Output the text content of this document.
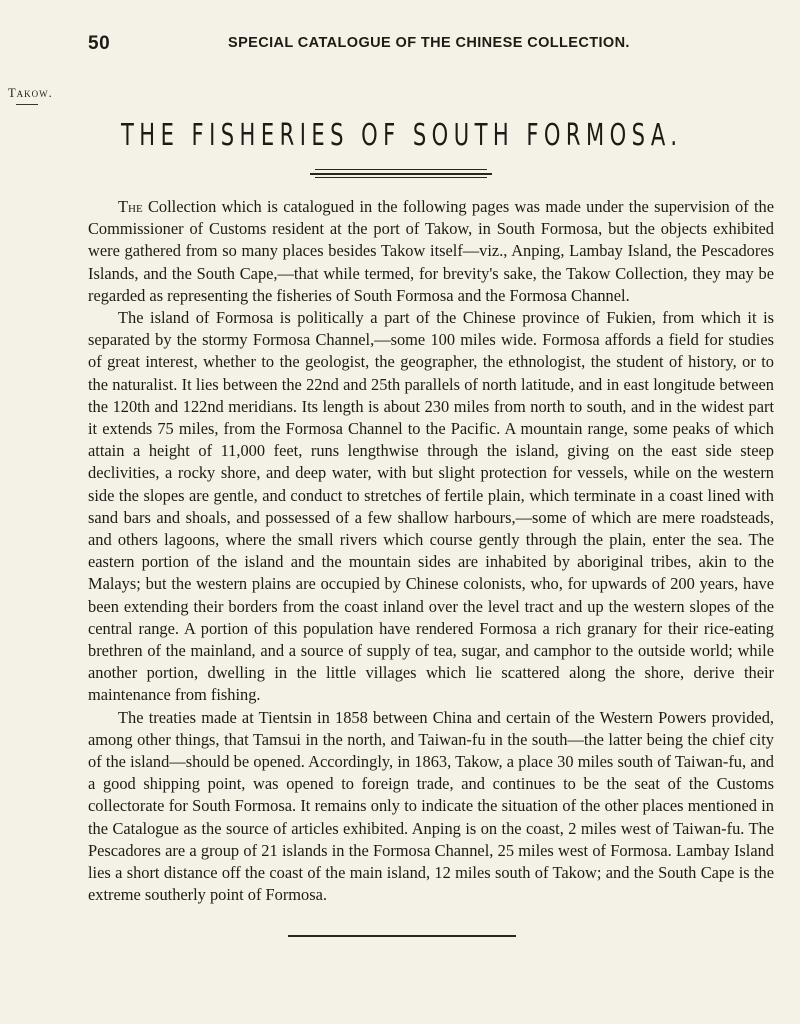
50	SPECIAL CATALOGUE OF THE CHINESE COLLECTION.
Takow.
THE FISHERIES OF SOUTH FORMOSA.

The Collection which is catalogued in the following pages was made under the supervision of the Commissioner of Customs resident at the port of Takow, in South Formosa, but the objects exhibited were gathered from so many places besides Takow itself—viz., Anping, Lambay Island, the Pescadores Islands, and the South Cape,—that while termed, for brevity's sake, the Takow Collection, they may be regarded as representing the fisheries of South Formosa and the Formosa Channel.

The island of Formosa is politically a part of the Chinese province of Fukien, from which it is separated by the stormy Formosa Channel,—some 100 miles wide. Formosa affords a field for studies of great interest, whether to the geologist, the geographer, the ethnologist, the student of history, or to the naturalist. It lies between the 22nd and 25th parallels of north latitude, and in east longitude between the 120th and 122nd meridians. Its length is about 230 miles from north to south, and in the widest part it extends 75 miles, from the Formosa Channel to the Pacific. A mountain range, some peaks of which attain a height of 11,000 feet, runs lengthwise through the island, giving on the east side steep declivities, a rocky shore, and deep water, with but slight protection for vessels, while on the western side the slopes are gentle, and conduct to stretches of fertile plain, which terminate in a coast lined with sand bars and shoals, and possessed of a few shallow harbours,—some of which are mere roadsteads, and others lagoons, where the small rivers which course gently through the plain, enter the sea. The eastern portion of the island and the mountain sides are inhabited by aboriginal tribes, akin to the Malays; but the western plains are occupied by Chinese colonists, who, for upwards of 200 years, have been extending their borders from the coast inland over the level tract and up the western slopes of the central range. A portion of this population have rendered Formosa a rich granary for their rice-eating brethren of the mainland, and a source of supply of tea, sugar, and camphor to the outside world; while another portion, dwelling in the little villages which lie scattered along the shore, derive their maintenance from fishing.

The treaties made at Tientsin in 1858 between China and certain of the Western Powers provided, among other things, that Tamsui in the north, and Taiwan-fu in the south—the latter being the chief city of the island—should be opened. Accordingly, in 1863, Takow, a place 30 miles south of Taiwan-fu, and a good shipping point, was opened to foreign trade, and continues to be the seat of the Customs collectorate for South Formosa. It remains only to indicate the situation of the other places mentioned in the Catalogue as the source of articles exhibited. Anping is on the coast, 2 miles west of Taiwan-fu. The Pescadores are a group of 21 islands in the Formosa Channel, 25 miles west of Formosa. Lambay Island lies a short distance off the coast of the main island, 12 miles south of Takow; and the South Cape is the extreme southerly point of Formosa.
